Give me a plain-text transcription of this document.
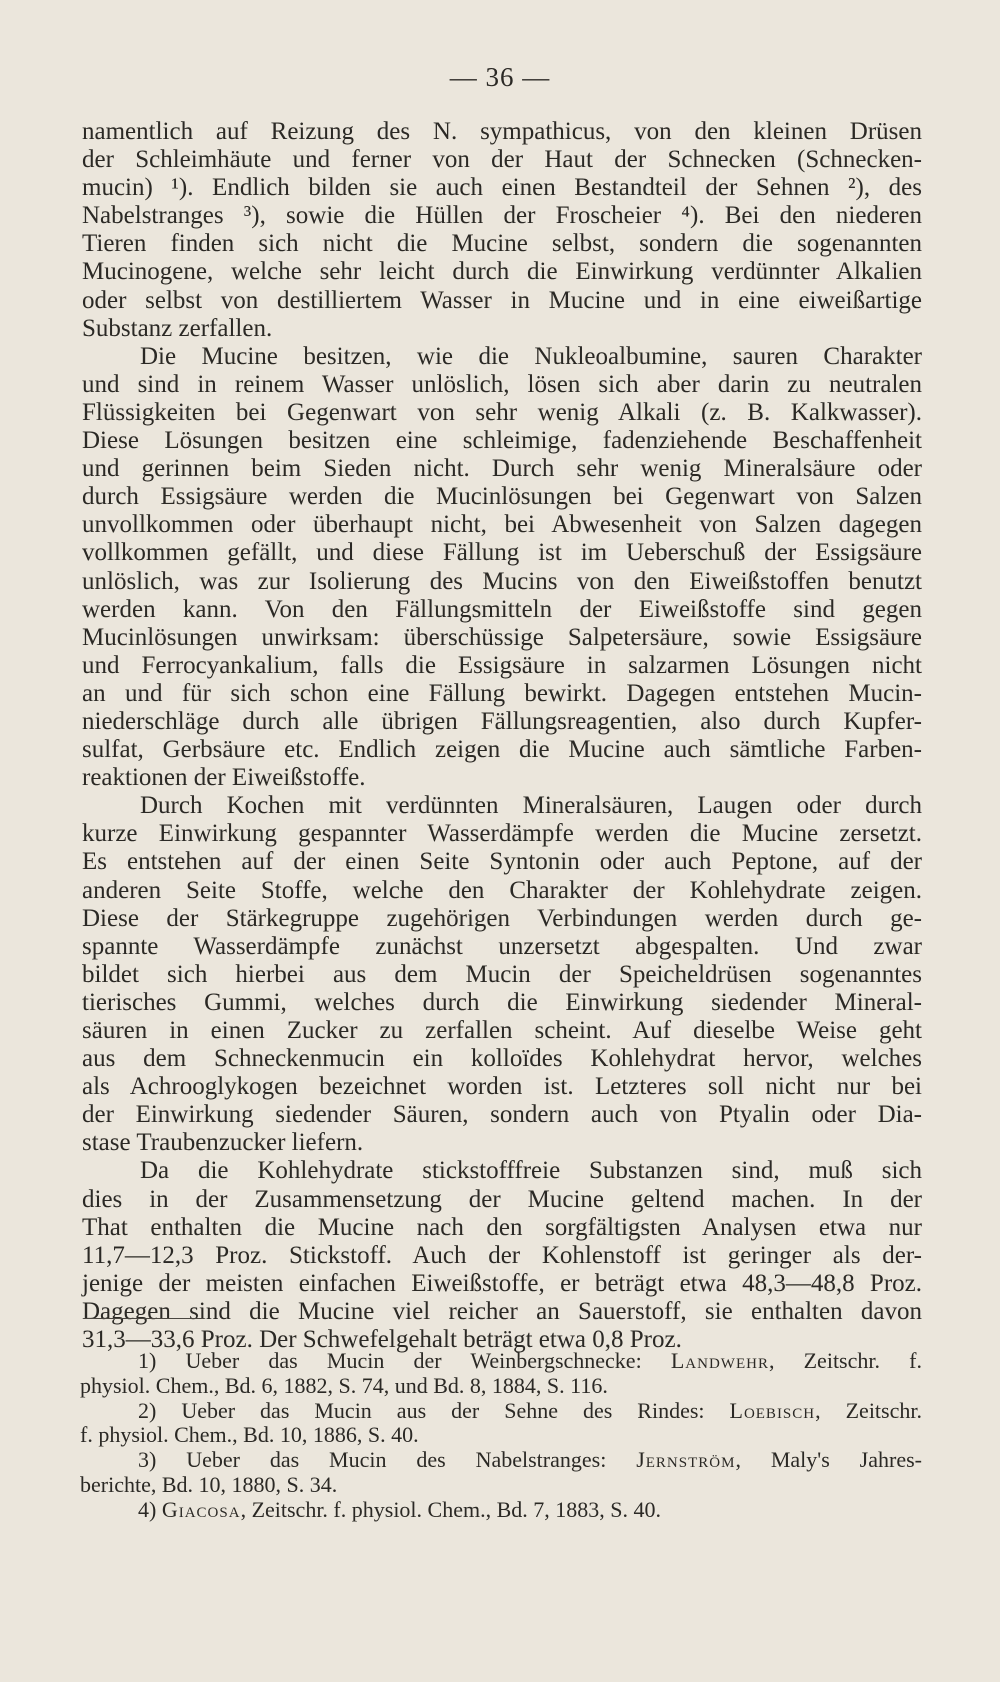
— 36 —
namentlich auf Reizung des N. sympathicus, von den kleinen Drüsen
der Schleimhäute und ferner von der Haut der Schnecken (Schnecken-
mucin) ¹). Endlich bilden sie auch einen Bestandteil der Sehnen ²), des
Nabelstranges ³), sowie die Hüllen der Froscheier ⁴). Bei den niederen
Tieren finden sich nicht die Mucine selbst, sondern die sogenannten
Mucinogene, welche sehr leicht durch die Einwirkung verdünnter Alkalien
oder selbst von destilliertem Wasser in Mucine und in eine eiweißartige
Substanz zerfallen.
Die Mucine besitzen, wie die Nukleoalbumine, sauren Charakter
und sind in reinem Wasser unlöslich, lösen sich aber darin zu neutralen
Flüssigkeiten bei Gegenwart von sehr wenig Alkali (z. B. Kalkwasser).
Diese Lösungen besitzen eine schleimige, fadenziehende Beschaffenheit
und gerinnen beim Sieden nicht. Durch sehr wenig Mineralsäure oder
durch Essigsäure werden die Mucinlösungen bei Gegenwart von Salzen
unvollkommen oder überhaupt nicht, bei Abwesenheit von Salzen dagegen
vollkommen gefällt, und diese Fällung ist im Ueberschuß der Essigsäure
unlöslich, was zur Isolierung des Mucins von den Eiweißstoffen benutzt
werden kann. Von den Fällungsmitteln der Eiweißstoffe sind gegen
Mucinlösungen unwirksam: überschüssige Salpetersäure, sowie Essigsäure
und Ferrocyankalium, falls die Essigsäure in salzarmen Lösungen nicht
an und für sich schon eine Fällung bewirkt. Dagegen entstehen Mucin-
niederschläge durch alle übrigen Fällungsreagentien, also durch Kupfer-
sulfat, Gerbsäure etc. Endlich zeigen die Mucine auch sämtliche Farben-
reaktionen der Eiweißstoffe.
Durch Kochen mit verdünnten Mineralsäuren, Laugen oder durch
kurze Einwirkung gespannter Wasserdämpfe werden die Mucine zersetzt.
Es entstehen auf der einen Seite Syntonin oder auch Peptone, auf der
anderen Seite Stoffe, welche den Charakter der Kohlehydrate zeigen.
Diese der Stärkegruppe zugehörigen Verbindungen werden durch ge-
spannte Wasserdämpfe zunächst unzersetzt abgespalten. Und zwar
bildet sich hierbei aus dem Mucin der Speicheldrüsen sogenanntes
tierisches Gummi, welches durch die Einwirkung siedender Mineral-
säuren in einen Zucker zu zerfallen scheint. Auf dieselbe Weise geht
aus dem Schneckenmucin ein kolloïdes Kohlehydrat hervor, welches
als Achrooglykogen bezeichnet worden ist. Letzteres soll nicht nur bei
der Einwirkung siedender Säuren, sondern auch von Ptyalin oder Dia-
stase Traubenzucker liefern.
Da die Kohlehydrate stickstofffreie Substanzen sind, muß sich
dies in der Zusammensetzung der Mucine geltend machen. In der
That enthalten die Mucine nach den sorgfältigsten Analysen etwa nur
11,7—12,3 Proz. Stickstoff. Auch der Kohlenstoff ist geringer als der-
jenige der meisten einfachen Eiweißstoffe, er beträgt etwa 48,3—48,8 Proz.
Dagegen sind die Mucine viel reicher an Sauerstoff, sie enthalten davon
31,3—33,6 Proz. Der Schwefelgehalt beträgt etwa 0,8 Proz.
1) Ueber das Mucin der Weinbergschnecke: Landwehr, Zeitschr. f.
physiol. Chem., Bd. 6, 1882, S. 74, und Bd. 8, 1884, S. 116.
2) Ueber das Mucin aus der Sehne des Rindes: Loebisch, Zeitschr.
f. physiol. Chem., Bd. 10, 1886, S. 40.
3) Ueber das Mucin des Nabelstranges: Jernström, Maly's Jahres-
berichte, Bd. 10, 1880, S. 34.
4) Giacosa, Zeitschr. f. physiol. Chem., Bd. 7, 1883, S. 40.
